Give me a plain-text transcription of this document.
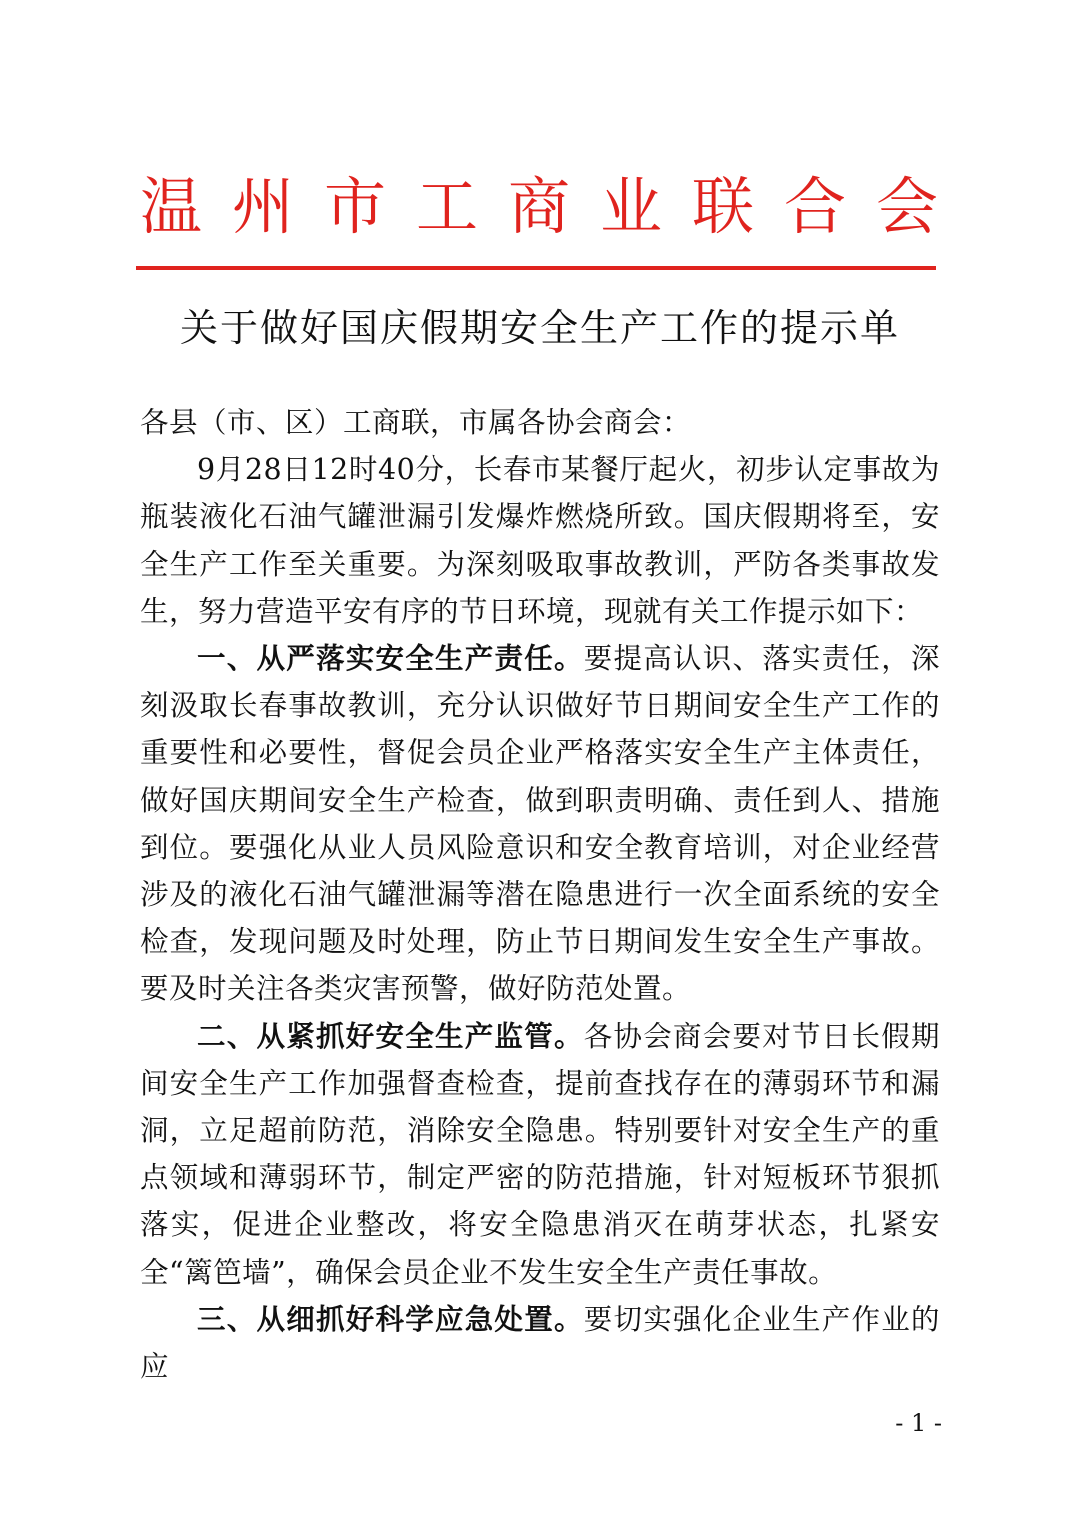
温州市工商业联合会
关于做好国庆假期安全生产工作的提示单

各县（市、区）工商联，市属各协会商会：

9月28日12时40分，长春市某餐厅起火，初步认定事故为瓶装液化石油气罐泄漏引发爆炸燃烧所致。国庆假期将至，安全生产工作至关重要。为深刻吸取事故教训，严防各类事故发生，努力营造平安有序的节日环境，现就有关工作提示如下：

一、从严落实安全生产责任。要提高认识、落实责任，深刻汲取长春事故教训，充分认识做好节日期间安全生产工作的重要性和必要性，督促会员企业严格落实安全生产主体责任，做好国庆期间安全生产检查，做到职责明确、责任到人、措施到位。要强化从业人员风险意识和安全教育培训，对企业经营涉及的液化石油气罐泄漏等潜在隐患进行一次全面系统的安全检查，发现问题及时处理，防止节日期间发生安全生产事故。要及时关注各类灾害预警，做好防范处置。

二、从紧抓好安全生产监管。各协会商会要对节日长假期间安全生产工作加强督查检查，提前查找存在的薄弱环节和漏洞，立足超前防范，消除安全隐患。特别要针对安全生产的重点领域和薄弱环节，制定严密的防范措施，针对短板环节狠抓落实，促进企业整改，将安全隐患消灭在萌芽状态，扎紧安全“篱笆墙”，确保会员企业不发生安全生产责任事故。

三、从细抓好科学应急处置。要切实强化企业生产作业的应

- 1 -
